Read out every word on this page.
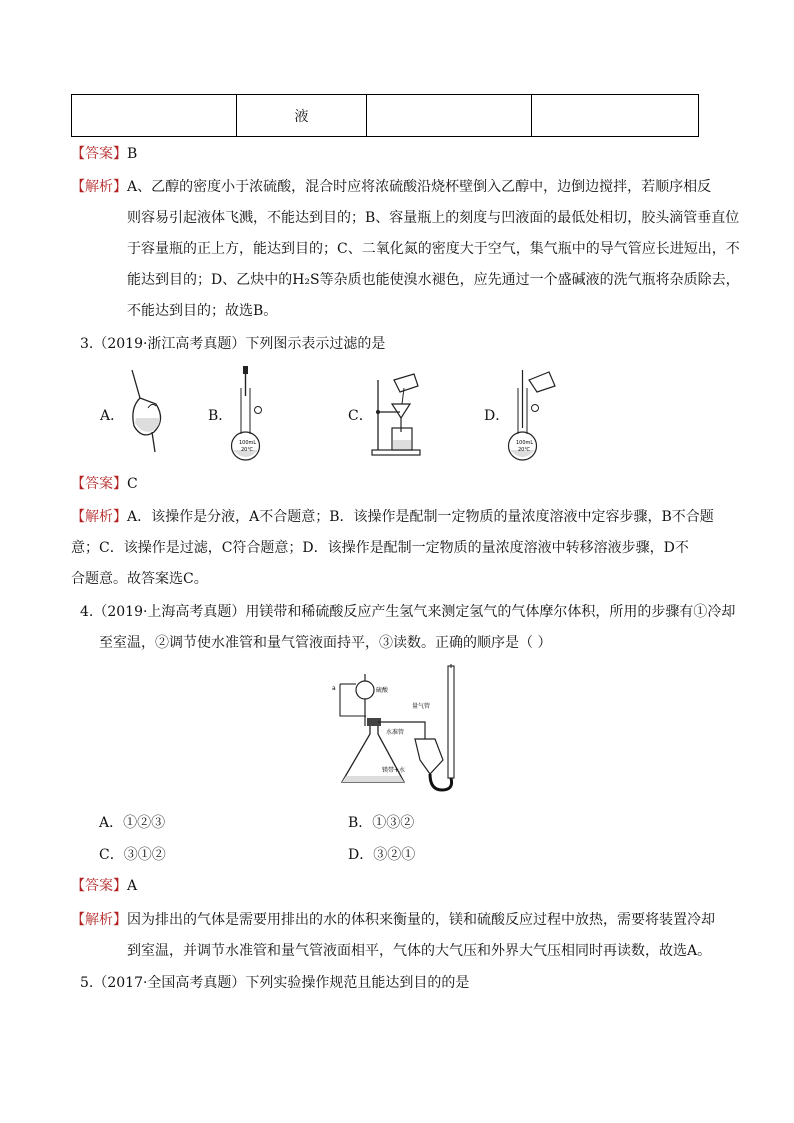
液
【答案】B
【解析】A、乙醇的密度小于浓硫酸，混合时应将浓硫酸沿烧杯壁倒入乙醇中，边倒边搅拌，若顺序相反
则容易引起液体飞溅，不能达到目的；B、容量瓶上的刻度与凹液面的最低处相切，胶头滴管垂直位
于容量瓶的正上方，能达到目的；C、二氧化氮的密度大于空气，集气瓶中的导气管应长进短出，不
能达到目的；D、乙炔中的H₂S等杂质也能使溴水褪色，应先通过一个盛碱液的洗气瓶将杂质除去，
不能达到目的；故选B。
3.（2019·浙江高考真题）下列图示表示过滤的是
A．	B．	C．	D．
100mL
20℃
100mL
20℃
【答案】C
【解析】A．该操作是分液，A不合题意；B．该操作是配制一定物质的量浓度溶液中定容步骤，B不合题
意；C．该操作是过滤，C符合题意；D．该操作是配制一定物质的量浓度溶液中转移溶液步骤，D不
合题意。故答案选C。
4.（2019·上海高考真题）用镁带和稀硫酸反应产生氢气来测定氢气的气体摩尔体积，所用的步骤有①冷却
至室温，②调节使水准管和量气管液面持平，③读数。正确的顺序是（ ）
a	硫酸
量气管
水准管
镁带+水
A．①②③	B．①③②
C．③①②	D．③②①
【答案】A
【解析】因为排出的气体是需要用排出的水的体积来衡量的，镁和硫酸反应过程中放热，需要将装置冷却
到室温，并调节水准管和量气管液面相平，气体的大气压和外界大气压相同时再读数，故选A。
5.（2017·全国高考真题）下列实验操作规范且能达到目的的是
